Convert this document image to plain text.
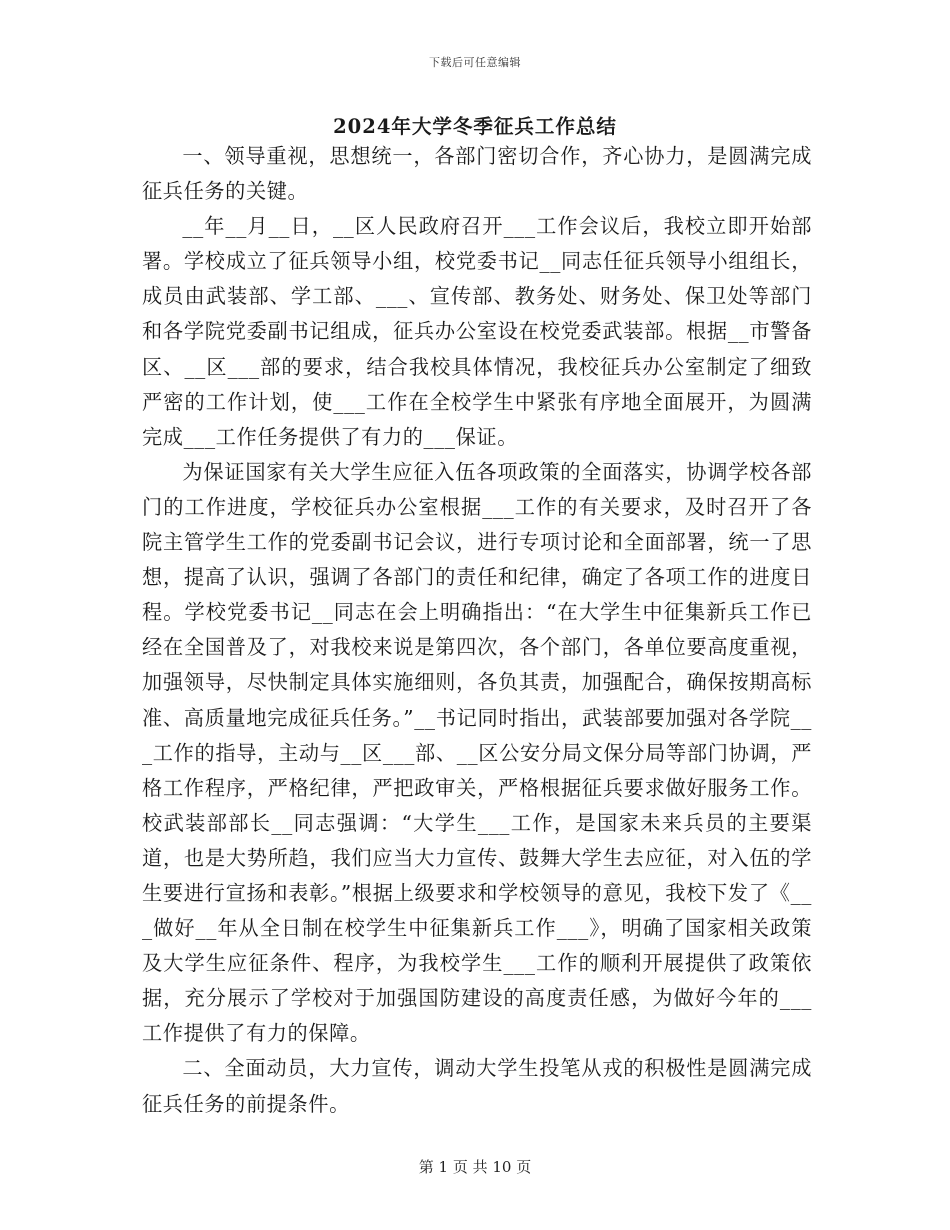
下载后可任意编辑
2024年大学冬季征兵工作总结

一、领导重视，思想统一，各部门密切合作，齐心协力，是圆满完成征兵任务的关键。

__年__月__日，__区人民政府召开___工作会议后，我校立即开始部署。学校成立了征兵领导小组，校党委书记__同志任征兵领导小组组长，成员由武装部、学工部、___、宣传部、教务处、财务处、保卫处等部门和各学院党委副书记组成，征兵办公室设在校党委武装部。根据__市警备区、__区___部的要求，结合我校具体情况，我校征兵办公室制定了细致严密的工作计划，使___工作在全校学生中紧张有序地全面展开，为圆满完成___工作任务提供了有力的___保证。

为保证国家有关大学生应征入伍各项政策的全面落实，协调学校各部门的工作进度，学校征兵办公室根据___工作的有关要求，及时召开了各院主管学生工作的党委副书记会议，进行专项讨论和全面部署，统一了思想，提高了认识，强调了各部门的责任和纪律，确定了各项工作的进度日程。学校党委书记__同志在会上明确指出：“在大学生中征集新兵工作已经在全国普及了，对我校来说是第四次，各个部门，各单位要高度重视，加强领导，尽快制定具体实施细则，各负其责，加强配合，确保按期高标准、高质量地完成征兵任务。”__书记同时指出，武装部要加强对各学院___工作的指导，主动与__区___部、__区公安分局文保分局等部门协调，严格工作程序，严格纪律，严把政审关，严格根据征兵要求做好服务工作。校武装部部长__同志强调：“大学生___工作，是国家未来兵员的主要渠道，也是大势所趋，我们应当大力宣传、鼓舞大学生去应征，对入伍的学生要进行宣扬和表彰。”根据上级要求和学校领导的意见，我校下发了《___做好__年从全日制在校学生中征集新兵工作___》，明确了国家相关政策及大学生应征条件、程序，为我校学生___工作的顺利开展提供了政策依据，充分展示了学校对于加强国防建设的高度责任感，为做好今年的___工作提供了有力的保障。

二、全面动员，大力宣传，调动大学生投笔从戎的积极性是圆满完成征兵任务的前提条件。

第 1 页 共 10 页
